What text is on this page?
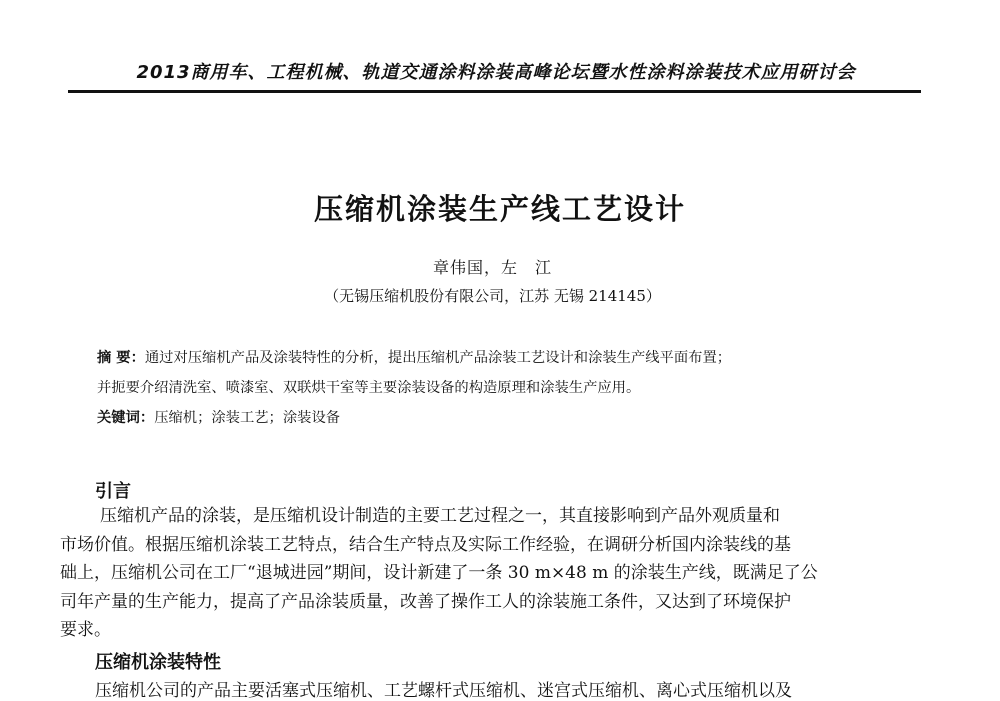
2013商用车、工程机械、轨道交通涂料涂装高峰论坛暨水性涂料涂装技术应用研讨会
压缩机涂装生产线工艺设计
章伟国，左　江
（无锡压缩机股份有限公司，江苏 无锡 214145）
摘 要：通过对压缩机产品及涂装特性的分析，提出压缩机产品涂装工艺设计和涂装生产线平面布置；
并扼要介绍清洗室、喷漆室、双联烘干室等主要涂装设备的构造原理和涂装生产应用。
关键词：压缩机；涂装工艺；涂装设备
引言

压缩机产品的涂装，是压缩机设计制造的主要工艺过程之一，其直接影响到产品外观质量和

市场价值。根据压缩机涂装工艺特点，结合生产特点及实际工作经验，在调研分析国内涂装线的基

础上，压缩机公司在工厂“退城进园”期间，设计新建了一条 30 m×48 m 的涂装生产线，既满足了公

司年产量的生产能力，提高了产品涂装质量，改善了操作工人的涂装施工条件，又达到了环境保护

要求。

压缩机涂装特性
压缩机公司的产品主要活塞式压缩机、工艺螺杆式压缩机、迷宫式压缩机、离心式压缩机以及
